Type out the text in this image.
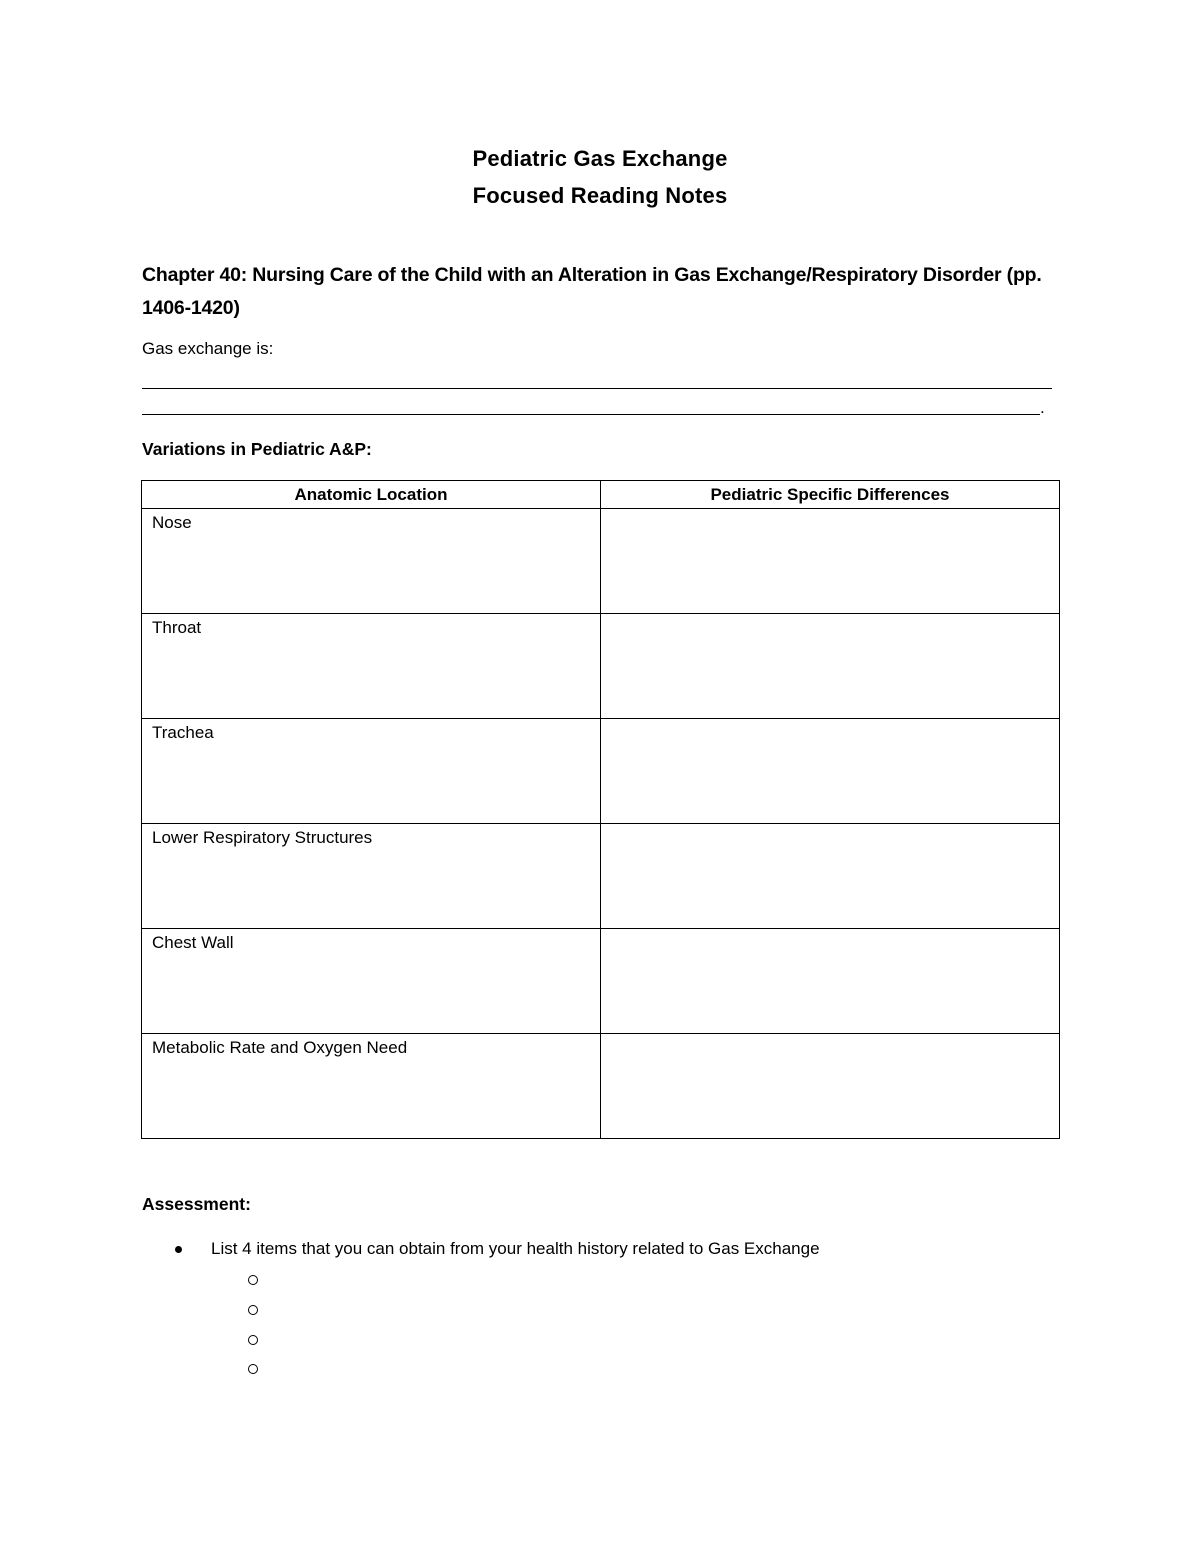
Pediatric Gas Exchange
Focused Reading Notes
Chapter 40: Nursing Care of the Child with an Alteration in Gas Exchange/Respiratory Disorder (pp. 1406-1420)
Gas exchange is:
.
Variations in Pediatric A&P:
Anatomic Location	Pediatric Specific Differences

Nose	

Throat	

Trachea	

Lower Respiratory Structures	

Chest Wall	

Metabolic Rate and Oxygen Need	

Assessment:
List 4 items that you can obtain from your health history related to Gas Exchange
